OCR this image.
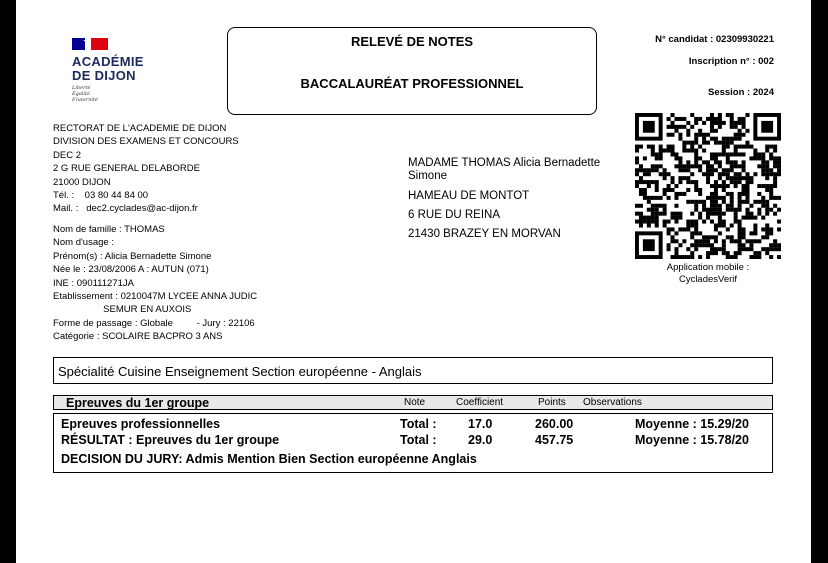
ACADÉMIE
DE DIJON
Liberté
Égalité
Fraternité
RELEVÉ DE NOTES
BACCALAURÉAT PROFESSIONNEL
N° candidat : 02309930221
Inscription n° : 002
Session : 2024
RECTORAT DE L'ACADEMIE DE DIJON
DIVISION DES EXAMENS ET CONCOURS
DEC 2
2 G RUE GENERAL DELABORDE
21000 DIJON
Tél. :    03 80 44 84 00
Mail. :   dec2.cyclades@ac-dijon.fr
MADAME THOMAS Alicia Bernadette
Simone
HAMEAU DE MONTOT
6 RUE DU REINA
21430 BRAZEY EN MORVAN
Application mobile :
CycladesVerif
Nom de famille : THOMAS
Nom d'usage :
Prénom(s) : Alicia Bernadette Simone
Née le : 23/08/2006 A : AUTUN (071)
INE : 090111271JA
Etablissement : 0210047M LYCEE ANNA JUDIC
SEMUR EN AUXOIS
Forme de passage : Globale         - Jury : 22106
Catégorie : SCOLAIRE BACPRO 3 ANS
Spécialité Cuisine Enseignement Section européenne - Anglais
Epreuves du 1er groupe	Note	Coefficient	Points Observations
Epreuves professionnelles	Total :	17.0	260.00	Moyenne : 15.29/20
RÉSULTAT : Epreuves du 1er groupe	Total :	29.0	457.75	Moyenne : 15.78/20
DECISION DU JURY: Admis Mention Bien Section européenne Anglais
